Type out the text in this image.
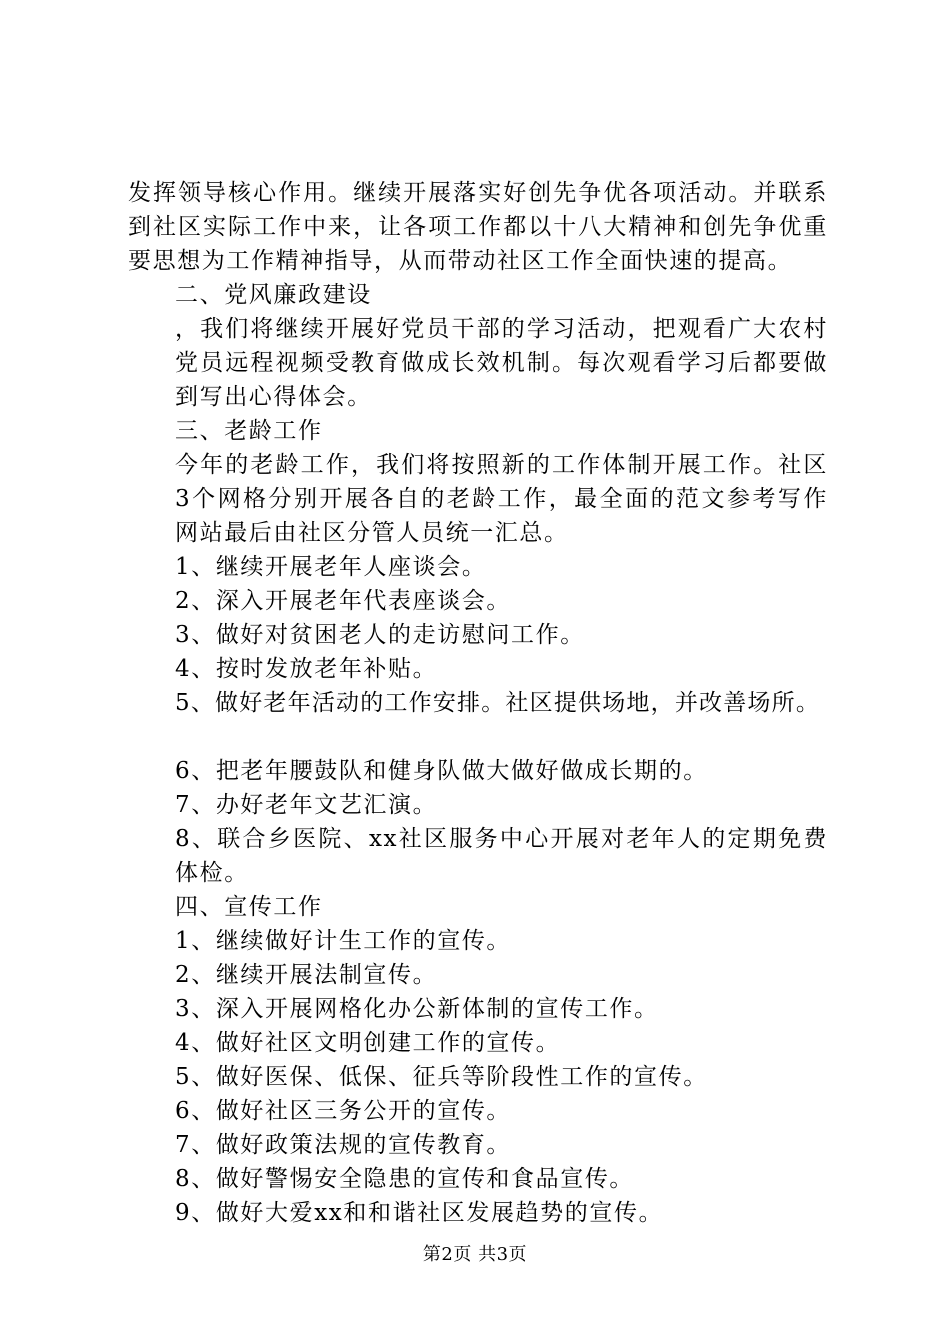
发挥领导核心作用。继续开展落实好创先争优各项活动。并联系到社区实际工作中来，让各项工作都以十八大精神和创先争优重要思想为工作精神指导，从而带动社区工作全面快速的提高。

二、党风廉政建设

，我们将继续开展好党员干部的学习活动，把观看广大农村党员远程视频受教育做成长效机制。每次观看学习后都要做到写出心得体会。

三、老龄工作

今年的老龄工作，我们将按照新的工作体制开展工作。社区3个网格分别开展各自的老龄工作，最全面的范文参考写作网站最后由社区分管人员统一汇总。

1、继续开展老年人座谈会。

2、深入开展老年代表座谈会。

3、做好对贫困老人的走访慰问工作。

4、按时发放老年补贴。

5、做好老年活动的工作安排。社区提供场地，并改善场所。

6、把老年腰鼓队和健身队做大做好做成长期的。

7、办好老年文艺汇演。

8、联合乡医院、xx社区服务中心开展对老年人的定期免费体检。

四、宣传工作

1、继续做好计生工作的宣传。

2、继续开展法制宣传。

3、深入开展网格化办公新体制的宣传工作。

4、做好社区文明创建工作的宣传。

5、做好医保、低保、征兵等阶段性工作的宣传。

6、做好社区三务公开的宣传。

7、做好政策法规的宣传教育。

8、做好警惕安全隐患的宣传和食品宣传。

9、做好大爱xx和和谐社区发展趋势的宣传。

第2页 共3页
